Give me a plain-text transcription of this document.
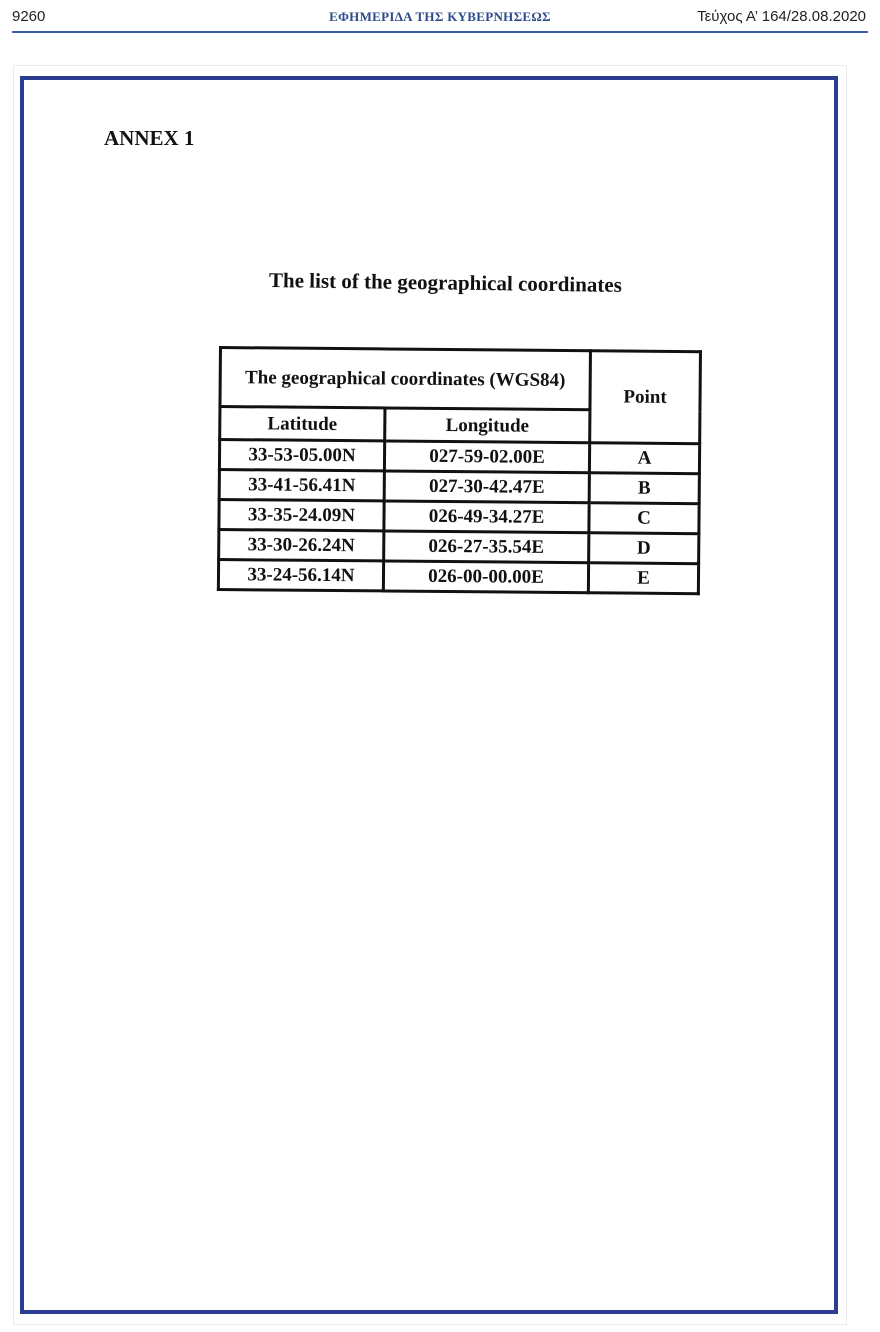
9260	ΕΦΗΜΕΡΙΔΑ ΤΗΣ ΚΥΒΕΡΝΗΣΕΩΣ	Τεύχος Α’ 164/28.08.2020
ANNEX 1
The list of the geographical coordinates
The geographical coordinates (WGS84)		Point
Latitude	Longitude	
33-53-05.00N	027-59-02.00E	A
33-41-56.41N	027-30-42.47E	B
33-35-24.09N	026-49-34.27E	C
33-30-26.24N	026-27-35.54E	D
33-24-56.14N	026-00-00.00E	E
